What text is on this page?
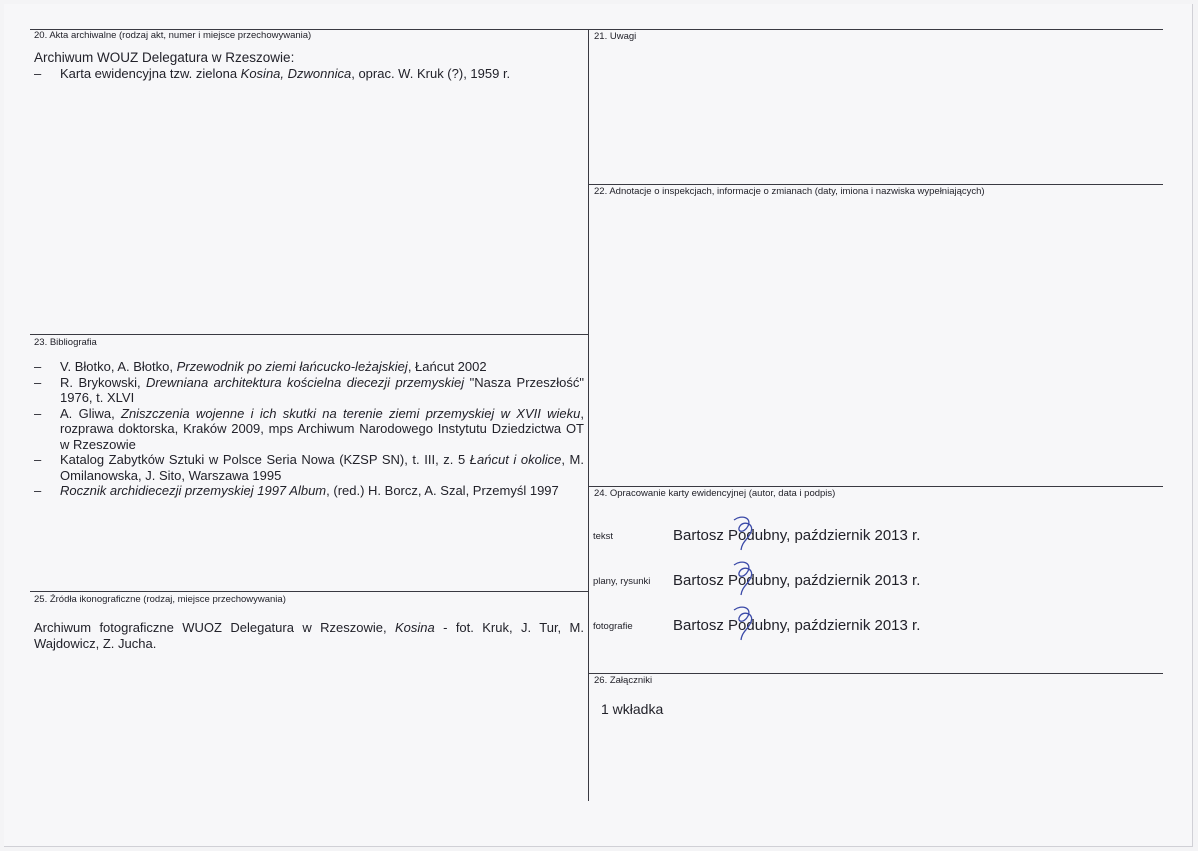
20. Akta archiwalne (rodzaj akt, numer i miejsce przechowywania)
Archiwum WOUZ Delegatura w Rzeszowie:
– Karta ewidencyjna tzw. zielona Kosina, Dzwonnica, oprac. W. Kruk (?), 1959 r.
21. Uwagi
22. Adnotacje o inspekcjach, informacje o zmianach (daty, imiona i nazwiska wypełniających)
23. Bibliografia
– V. Błotko, A. Błotko, Przewodnik po ziemi łańcucko-leżajskiej, Łańcut 2002
– R. Brykowski, Drewniana architektura kościelna diecezji przemyskiej "Nasza Przeszłość" 1976, t. XLVI
– A. Gliwa, Zniszczenia wojenne i ich skutki na terenie ziemi przemyskiej w XVII wieku, rozprawa doktorska, Kraków 2009, mps Archiwum Narodowego Instytutu Dziedzictwa OT w Rzeszowie
– Katalog Zabytków Sztuki w Polsce Seria Nowa (KZSP SN), t. III, z. 5 Łańcut i okolice, M. Omilanowska, J. Sito, Warszawa 1995
– Rocznik archidiecezji przemyskiej 1997 Album, (red.) H. Borcz, A. Szal, Przemyśl 1997	24. Opracowanie karty ewidencyjnej (autor, data i podpis)
tekst	Bartosz Podubny, październik 2013 r.
plany, rysunki Bartosz Podubny, październik 2013 r.
fotografie	Bartosz Podubny, październik 2013 r.
25. Źródła ikonograficzne (rodzaj, miejsce przechowywania)
Archiwum fotograficzne WUOZ Delegatura w Rzeszowie, Kosina - fot. Kruk, J. Tur, M. Wajdowicz, Z. Jucha.
26. Załączniki
1 wkładka
